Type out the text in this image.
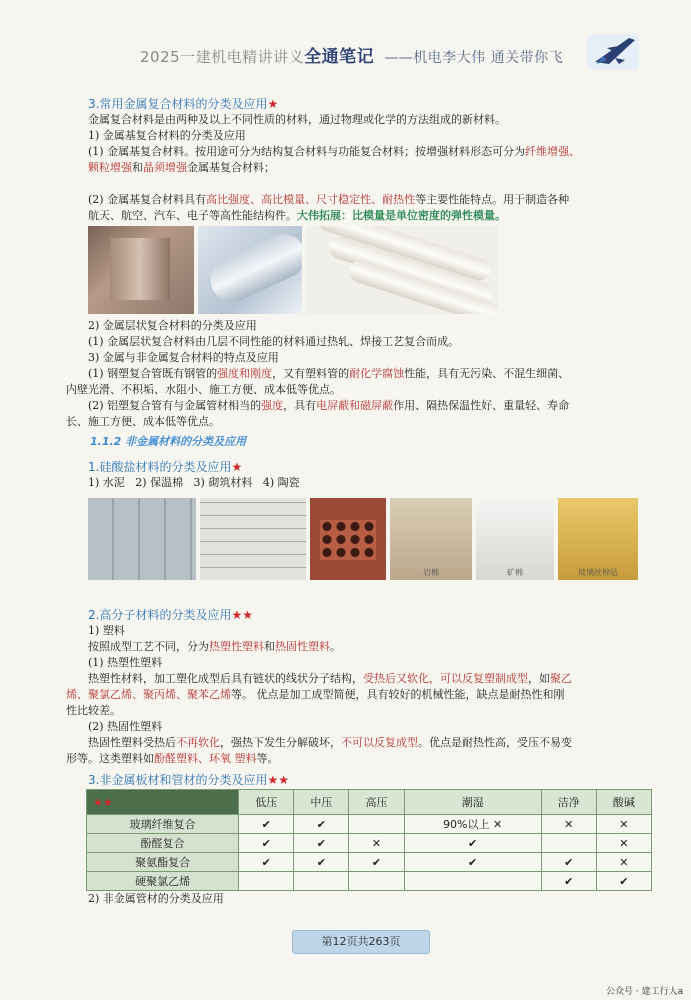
2025一建机电精讲讲义全通笔记 ——机电李大伟 通关带你飞
3.常用金属复合材料的分类及应用★
金属复合材料是由两种及以上不同性质的材料，通过物理或化学的方法组成的新材料。
1) 金属基复合材料的分类及应用
(1) 金属基复合材料。按用途可分为结构复合材料与功能复合材料；按增强材料形态可分为纤维增强、
颗粒增强和晶须增强金属基复合材料；
(2) 金属基复合材料具有高比强度、高比模量、尺寸稳定性、耐热性等主要性能特点。用于制造各种
航天、航空、汽车、电子等高性能结构件。大伟拓展：比模量是单位密度的弹性模量。
2) 金属层状复合材料的分类及应用
(1) 金属层状复合材料由几层不同性能的材料通过热轧、焊接工艺复合而成。
3) 金属与非金属复合材料的特点及应用
(1) 钢塑复合管既有钢管的强度和刚度，又有塑料管的耐化学腐蚀性能，具有无污染、不混生细菌、
内壁光滑、不积垢、水阻小、施工方便、成本低等优点。
(2) 铝塑复合管有与金属管材相当的强度，具有电屏蔽和磁屏蔽作用、隔热保温性好、重量轻、寿命
长、施工方便、成本低等优点。
1.1.2 非金属材料的分类及应用
1.硅酸盐材料的分类及应用★
1) 水泥   2) 保温棉   3) 砌筑材料   4) 陶瓷
岩棉	矿棉	玻璃丝棉毡
2.高分子材料的分类及应用★★
1) 塑料
按照成型工艺不同，分为热塑性塑料和热固性塑料。
(1) 热塑性塑料
热塑性材料，加工塑化成型后具有链状的线状分子结构，受热后又软化，可以反复塑制成型，如聚乙
烯、聚氯乙烯、聚丙烯、聚苯乙烯等。 优点是加工成型简便，具有较好的机械性能，缺点是耐热性和刚
性比较差。
(2) 热固性塑料
热固性塑料受热后不再软化，强热下发生分解破坏，不可以反复成型。优点是耐热性高，受压不易变
形等。这类塑料如酚醛塑料、环氧 塑料等。
3.非金属板材和管材的分类及应用★★
★★	低压	中压	高压	潮湿	洁净	酸碱
玻璃纤维复合	✔	✔		90%以上 ✕	✕	✕
酚醛复合	✔	✔	✕	✔		✕
聚氨酯复合	✔	✔	✔	✔	✔	✕
硬聚氯乙烯					✔	✔
2) 非金属管材的分类及应用
第12页共263页
公众号 · 建工行人a
